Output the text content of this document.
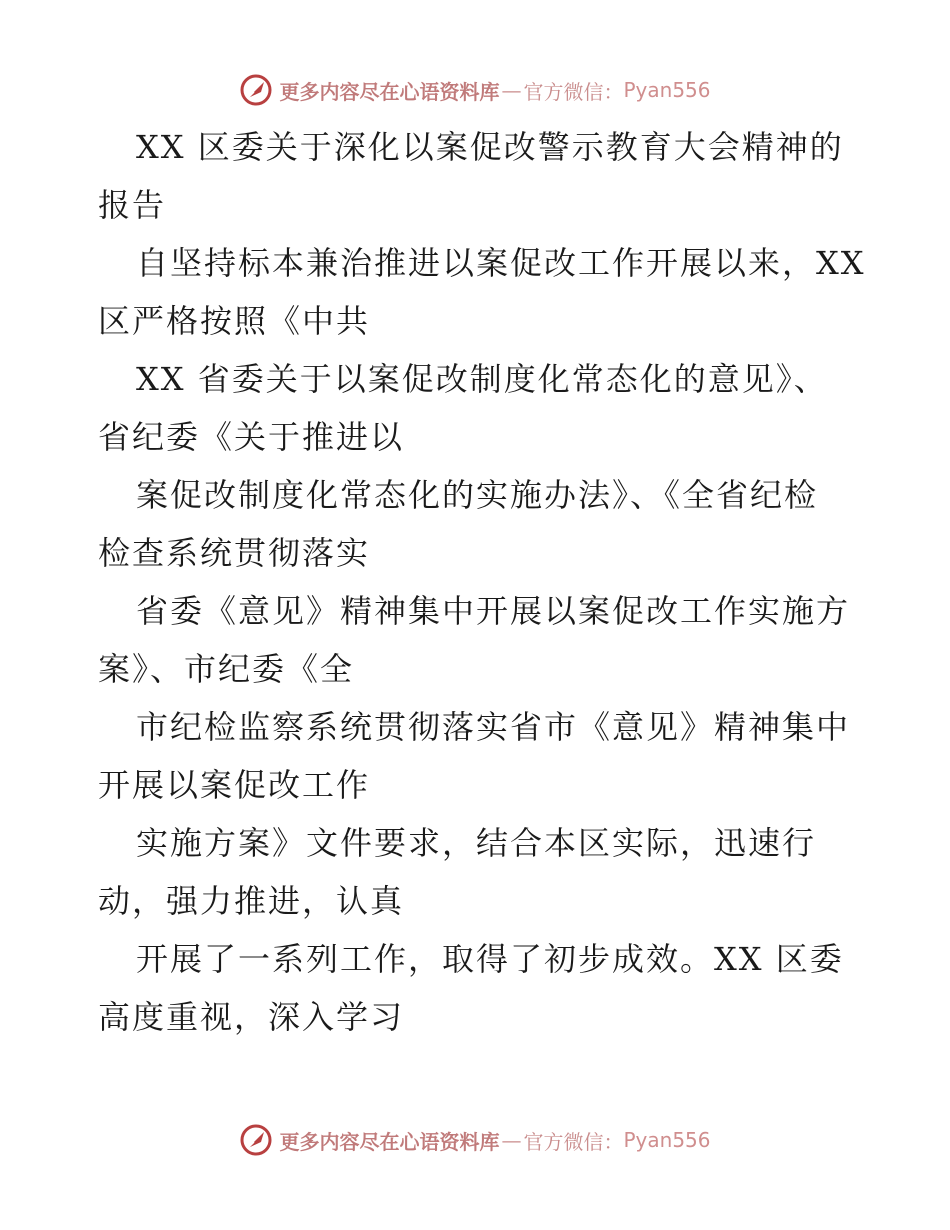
更多内容尽在心语资料库 — 官方微信： Pyan556

XX 区委关于深化以案促改警示教育大会精神的
报告

自坚持标本兼治推进以案促改工作开展以来，XX
区严格按照《中共

XX 省委关于以案促改制度化常态化的意见》、
省纪委《关于推进以

案促改制度化常态化的实施办法》、《全省纪检
检查系统贯彻落实

省委《意见》精神集中开展以案促改工作实施方
案》、市纪委《全

市纪检监察系统贯彻落实省市《意见》精神集中
开展以案促改工作

实施方案》文件要求，结合本区实际，迅速行
动，强力推进，认真

开展了一系列工作，取得了初步成效。XX 区委
高度重视，深入学习

更多内容尽在心语资料库 — 官方微信： Pyan556
